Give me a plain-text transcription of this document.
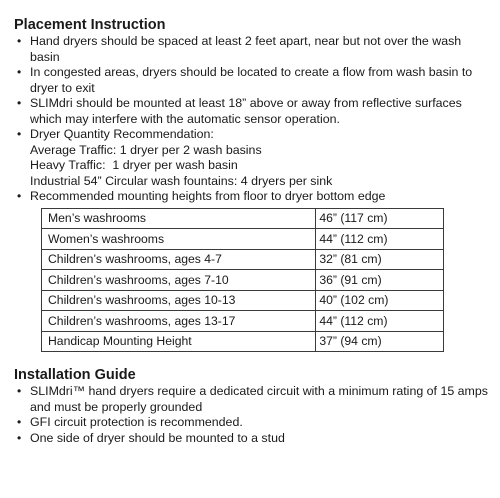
Placement Instruction
• Hand dryers should be spaced at least 2 feet apart, near but not over the wash basin
• In congested areas, dryers should be located to create a flow from wash basin to dryer to exit
• SLIMdri should be mounted at least 18” above or away from reflective surfaces which may interfere with the automatic sensor operation.
• Dryer Quantity Recommendation:
Average Traffic: 1 dryer per 2 wash basins
Heavy Traffic:  1 dryer per wash basin
Industrial 54” Circular wash fountains: 4 dryers per sink
• Recommended mounting heights from floor to dryer bottom edge
Men’s washrooms	46” (117 cm)
Women’s washrooms	44” (112 cm)
Children’s washrooms, ages 4-7	32” (81 cm)
Children’s washrooms, ages 7-10	36” (91 cm)
Children’s washrooms, ages 10-13	40” (102 cm)
Children’s washrooms, ages 13-17	44” (112 cm)
Handicap Mounting Height	37” (94 cm)
Installation Guide
• SLIMdri™ hand dryers require a dedicated circuit with a minimum rating of 15 amps and must be properly grounded
• GFI circuit protection is recommended.
• One side of dryer should be mounted to a stud
